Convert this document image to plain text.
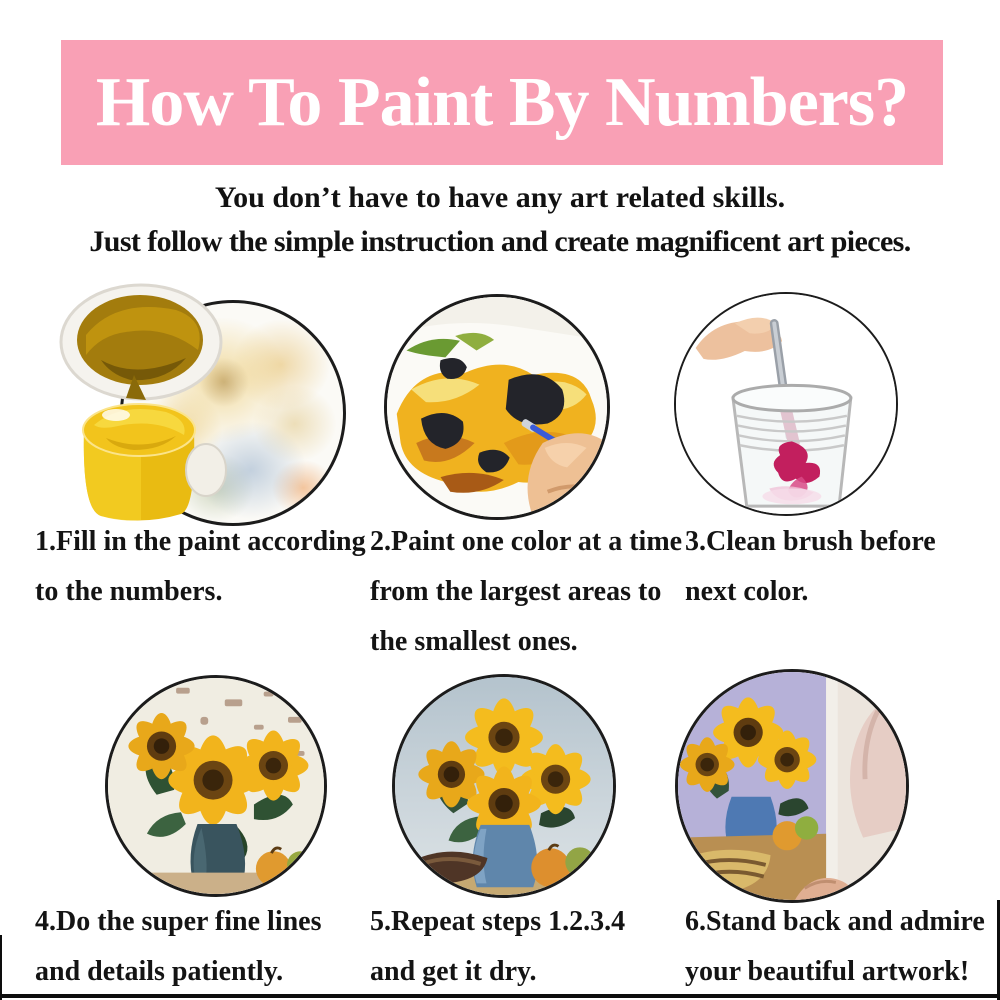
How To Paint By Numbers?
You don’t have to have any art related skills.
Just follow the simple instruction and create magnificent art pieces.
1.Fill in the paint according
to the numbers.
2.Paint one color at a time
from the largest areas to
the smallest ones.
3.Clean brush before
next color.
4.Do the super fine lines
and details patiently.
5.Repeat steps 1.2.3.4
and get it dry.
6.Stand back and admire
your beautiful artwork!
